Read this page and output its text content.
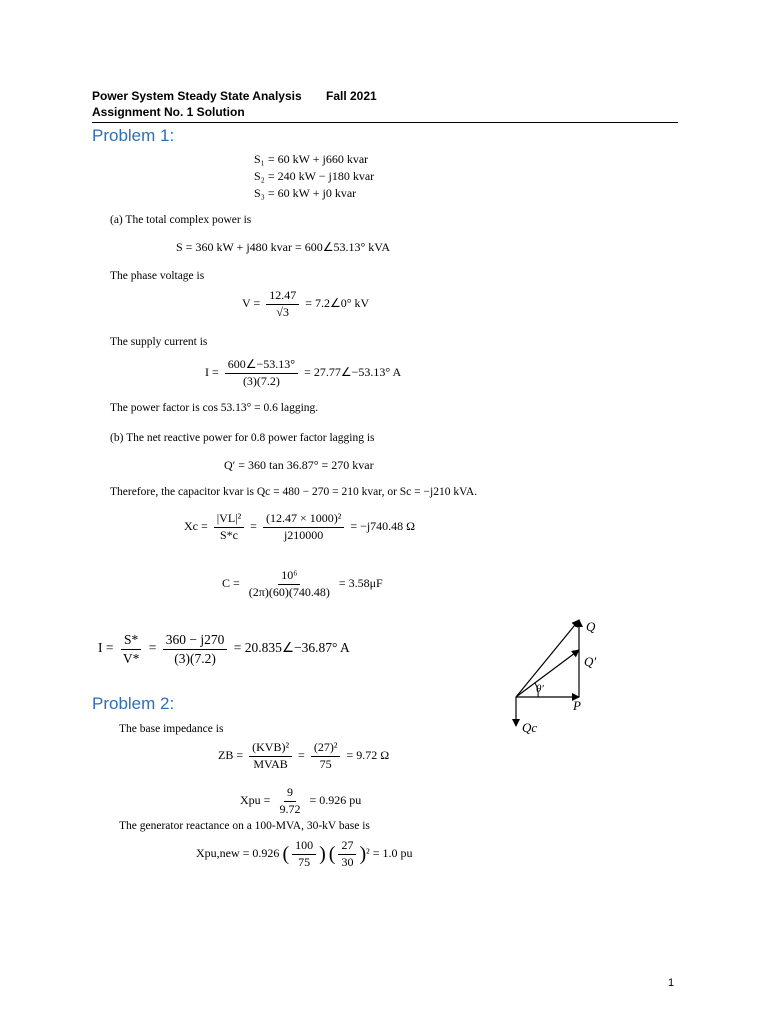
Power System Steady State Analysis Fall 2021
Assignment No. 1 Solution
Problem 1:
S₁ = 60 kW + j660 kvar
S₂ = 240 kW − j180 kvar
S₃ = 60 kW + j0 kvar
(a) The total complex power is
S = 360 kW + j480 kvar = 600∠53.13° kVA
The phase voltage is
$V = \frac{12.47}{√3}$ = 7.2∠0° kV
The supply current is
$I = \frac{600\angle-53.13^\circ}{(3)(7.2)}$ = 27.77∠−53.13° A
The power factor is cos 53.13° = 0.6 lagging.
(b) The net reactive power for 0.8 power factor lagging is
Q′ = 360 tan 36.87° = 270 kvar
Therefore, the capacitor kvar is Qc = 480 − 270 = 210 kvar, or Sc = −j210 kVA.
$Xc = \frac{\text{|VL|²}}{S*c} = \frac{\text{(12.47 × 1000)²}}{j210000} = -j740.48$ Ω
$C = \frac{\text{10⁶}}{(2\pi)(60)(740.48)} = 3.58\mu F$
$I = \frac{S*}{V*} = \frac{360 - j270}{(3)(7.2)}$ = 20.835∠−36.87° A
Q
Q′
P
θ′
Qc
Problem 2:
The base impedance is
ZB = $\frac{\text{(KVB)²}}{\text{MVAB}} = \frac{\text{(27)²}}{75} = 9.72$ Ω
Xpu = $\frac{9}{9.72} = 0.926$ pu
The generator reactance on a 100-MVA, 30-kV base is
Xpu,new = 0.926 ( $\frac{100}{75}$ ) ( $\frac{27}{30} )^2 = 1.0$ pu
1
